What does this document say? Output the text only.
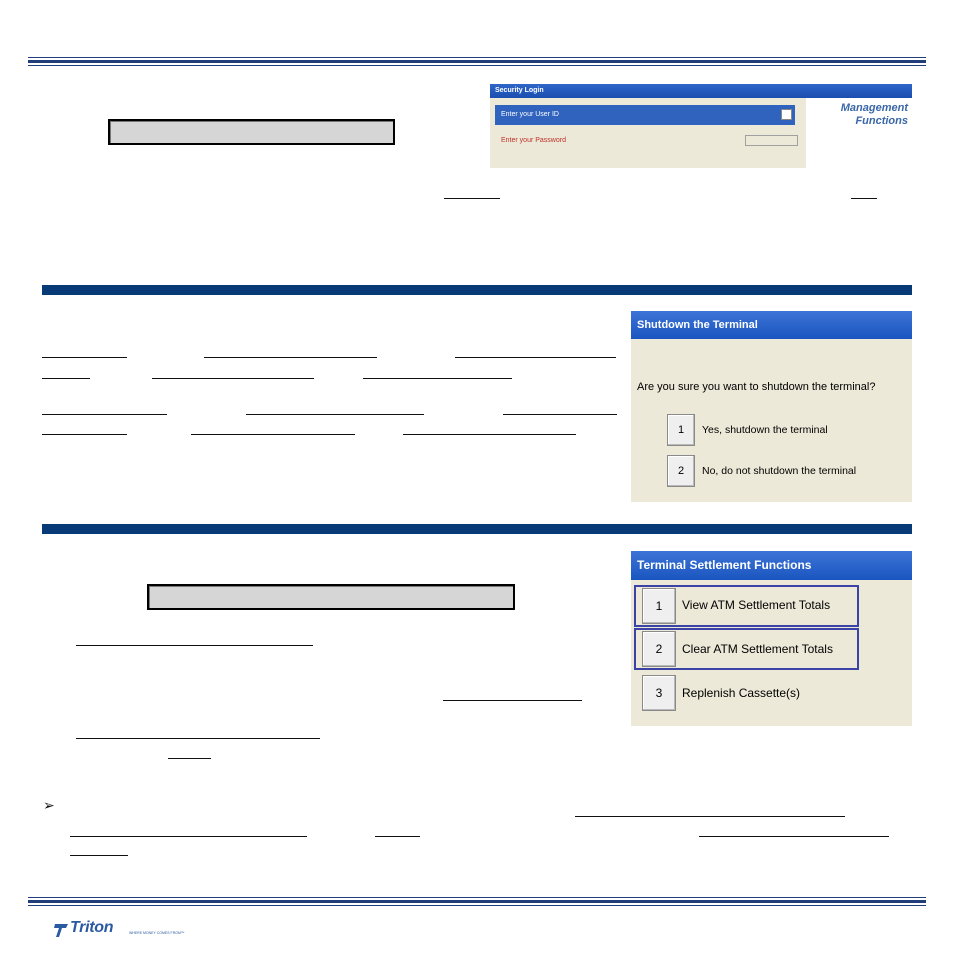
Security Login
Enter your User ID
Enter your Password
Management
Functions
Shutdown the Terminal
Are you sure you want to shutdown the terminal?
1	Yes, shutdown the terminal
2	No, do not shutdown the terminal
Terminal Settlement Functions
1	View ATM Settlement Totals
2	Clear ATM Settlement Totals
3	Replenish Cassette(s)
➢
Triton	WHERE MONEY COMES FROM™
